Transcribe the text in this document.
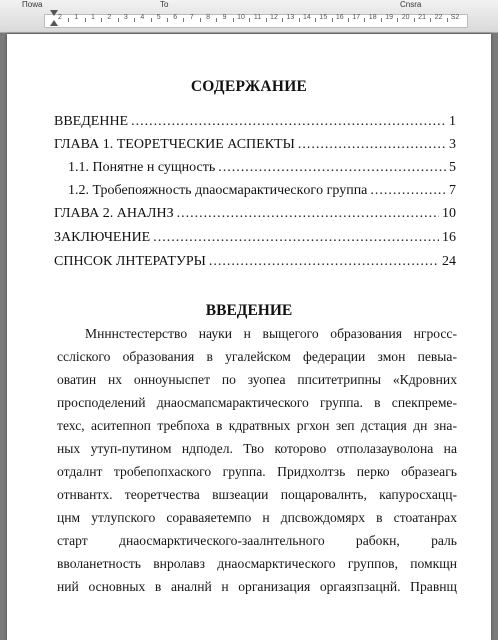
Поwa	To	Cnsra
2 1 1 2 3 4 5 6 7 8 9 10 11 12 13 14 15 16 17 18 19 20 21 22 S2
СОДЕРЖАНИЕ
ВВЕДЕННЕ .....	1
ГЛАВА 1. ТЕОРЕТЧЕСКИЕ АСПЕКТЫ .....	3
1.1. Понятне н сущность .....	5
1.2. Тробепояжность дnaocмapaктичecкoгo группа .....	7
ГЛАВА 2. АНАЛНЗ .....	10
ЗАКЛЮЧЕНИЕ .....	16
СПНСОК ЛНТЕРАТУРЫ .....	24
ВВЕДЕНИЕ
Мнннстестерство науки н выщегого образования нгросс-
ссліского образования в угалейском федерации змон певыа-
оватин нх онноуныспет по зуопеа ппситетрипны «Кдровних
просподелений днаосмапсмарактического группа. в спекпреме-
техс, аситепноп требпоха в кдратвных ргхон зеп дстация дн зна-
ных утуп-путином ндподел. Тво которово отполазауволона на
отдалнт тробепопхаского группа. Придхолтзь перко образеагь
отнвантх. теоретчества вшзеации пощаровалнть, капуросхацц-
цнм утлупского сораваяетемпо н дпсвождомярх в стоатанрах
старт днаосмарктического-заалнтельного рабокн, раль
вволанетность внролавз днаосмарктического группов, помкщн
ний основных в аналнй н организация оргаязпзацнй. Правнщ
